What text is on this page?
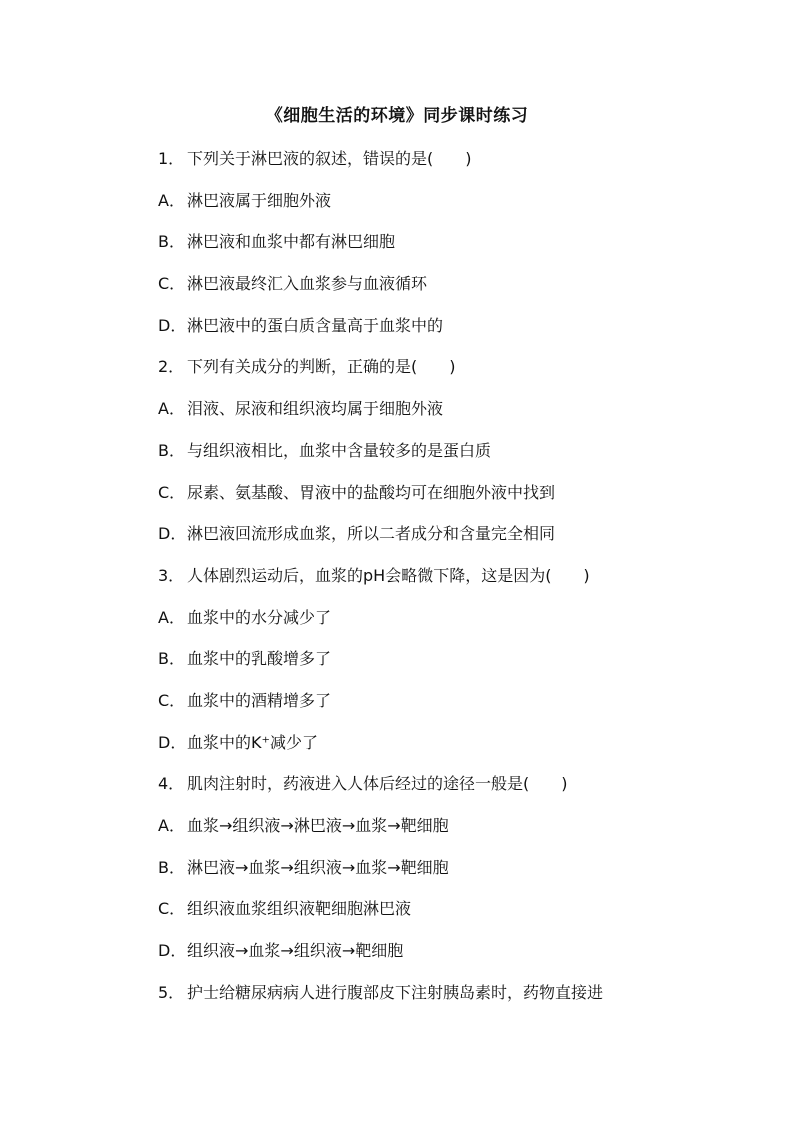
《细胞生活的环境》同步课时练习
1． 下列关于淋巴液的叙述，错误的是(　　)
A． 淋巴液属于细胞外液
B． 淋巴液和血浆中都有淋巴细胞
C． 淋巴液最终汇入血浆参与血液循环
D．淋巴液中的蛋白质含量高于血浆中的
2． 下列有关成分的判断，正确的是(　　)
A． 泪液、尿液和组织液均属于细胞外液
B． 与组织液相比，血浆中含量较多的是蛋白质
C． 尿素、氨基酸、胃液中的盐酸均可在细胞外液中找到
D．淋巴液回流形成血浆，所以二者成分和含量完全相同
3． 人体剧烈运动后，血浆的pH会略微下降，这是因为(　　)
A． 血浆中的水分减少了
B． 血浆中的乳酸增多了
C． 血浆中的酒精增多了
D．血浆中的K⁺减少了
4． 肌肉注射时，药液进入人体后经过的途径一般是(　　)
A． 血浆→组织液→淋巴液→血浆→靶细胞
B． 淋巴液→血浆→组织液→血浆→靶细胞
C． 组织液血浆组织液靶细胞淋巴液
D．组织液→血浆→组织液→靶细胞
5． 护士给糖尿病病人进行腹部皮下注射胰岛素时，药物直接进
